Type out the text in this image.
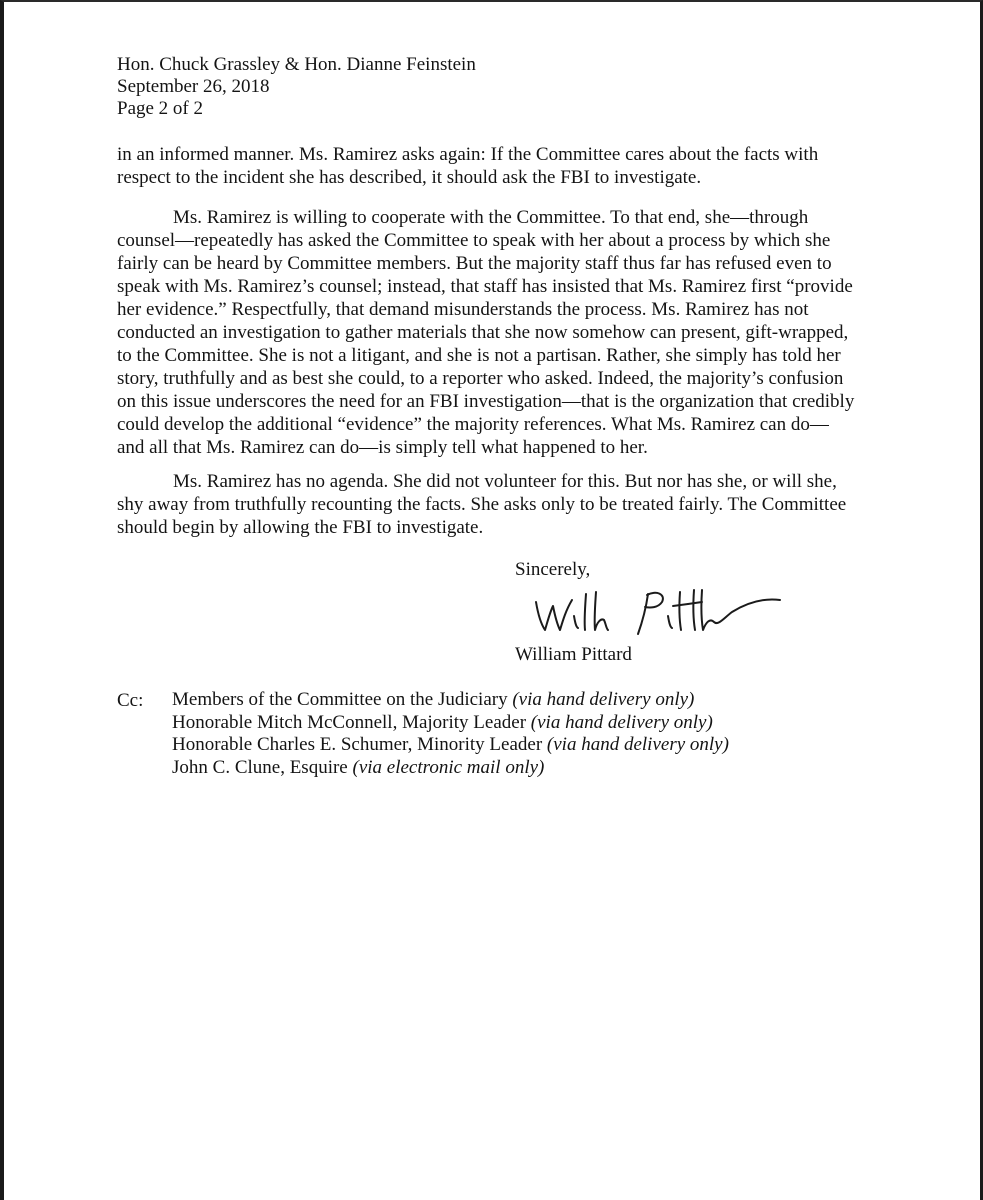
Hon. Chuck Grassley & Hon. Dianne Feinstein
September 26, 2018
Page 2 of 2
in an informed manner. Ms. Ramirez asks again: If the Committee cares about the facts with
respect to the incident she has described, it should ask the FBI to investigate.
Ms. Ramirez is willing to cooperate with the Committee. To that end, she—through
counsel—repeatedly has asked the Committee to speak with her about a process by which she
fairly can be heard by Committee members. But the majority staff thus far has refused even to
speak with Ms. Ramirez’s counsel; instead, that staff has insisted that Ms. Ramirez first “provide
her evidence.” Respectfully, that demand misunderstands the process. Ms. Ramirez has not
conducted an investigation to gather materials that she now somehow can present, gift-wrapped,
to the Committee. She is not a litigant, and she is not a partisan. Rather, she simply has told her
story, truthfully and as best she could, to a reporter who asked. Indeed, the majority’s confusion
on this issue underscores the need for an FBI investigation—that is the organization that credibly
could develop the additional “evidence” the majority references. What Ms. Ramirez can do—
and all that Ms. Ramirez can do—is simply tell what happened to her.
Ms. Ramirez has no agenda. She did not volunteer for this. But nor has she, or will she,
shy away from truthfully recounting the facts. She asks only to be treated fairly. The Committee
should begin by allowing the FBI to investigate.
Sincerely,
William Pittard
Cc: Members of the Committee on the Judiciary (via hand delivery only)
Honorable Mitch McConnell, Majority Leader (via hand delivery only)
Honorable Charles E. Schumer, Minority Leader (via hand delivery only)
John C. Clune, Esquire (via electronic mail only)
